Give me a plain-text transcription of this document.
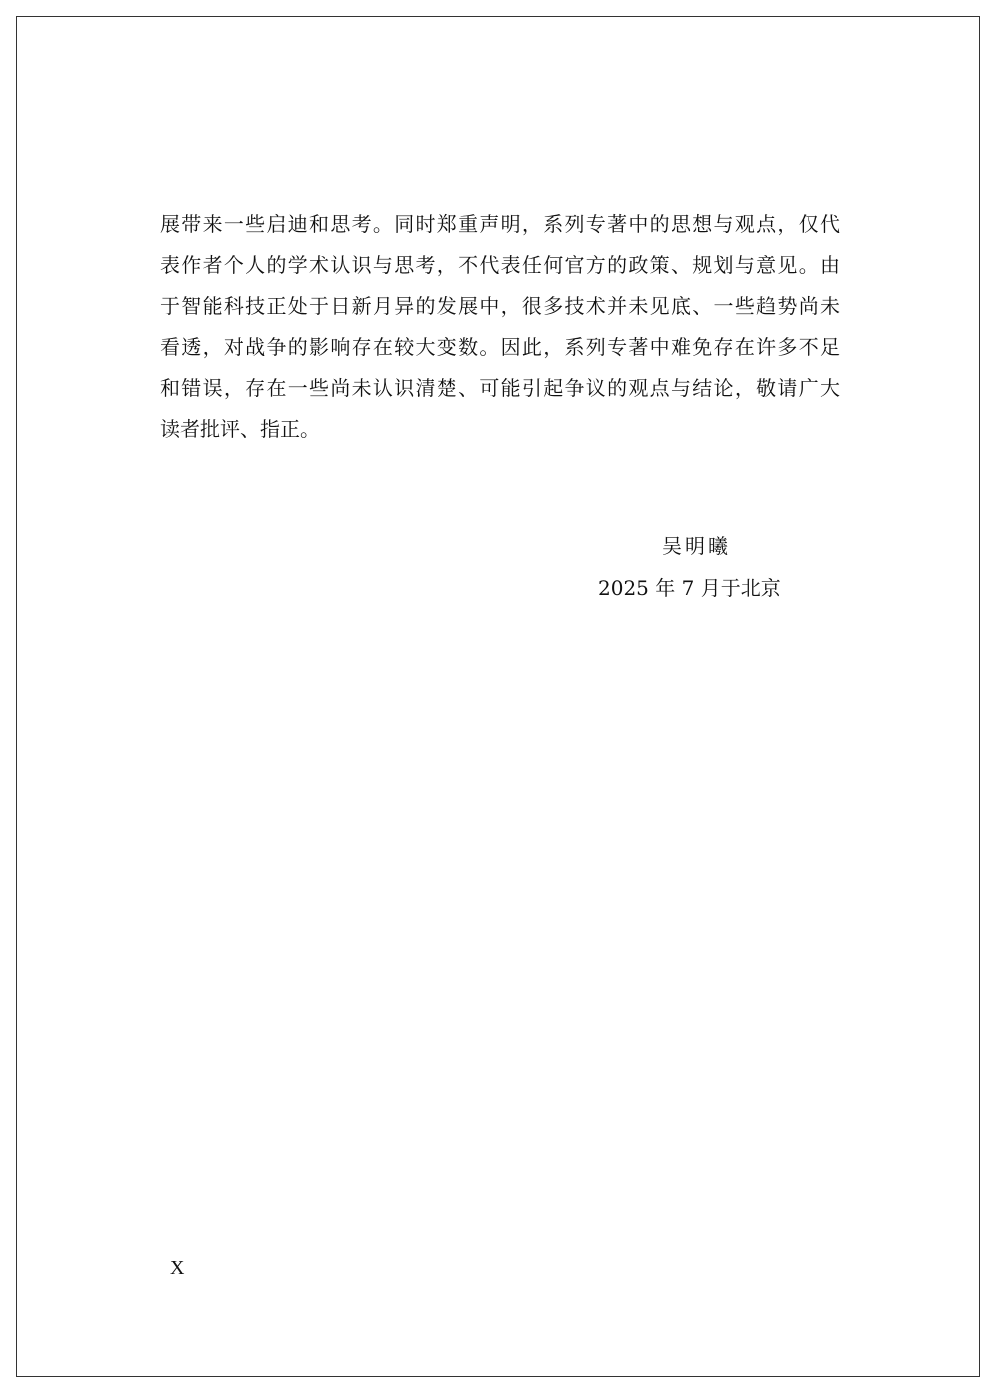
展带来一些启迪和思考。同时郑重声明，系列专著中的思想与观点，仅代
表作者个人的学术认识与思考，不代表任何官方的政策、规划与意见。由
于智能科技正处于日新月异的发展中，很多技术并未见底、一些趋势尚未
看透，对战争的影响存在较大变数。因此，系列专著中难免存在许多不足
和错误，存在一些尚未认识清楚、可能引起争议的观点与结论，敬请广大
读者批评、指正。
吴明曦
2025 年 7 月于北京
X
